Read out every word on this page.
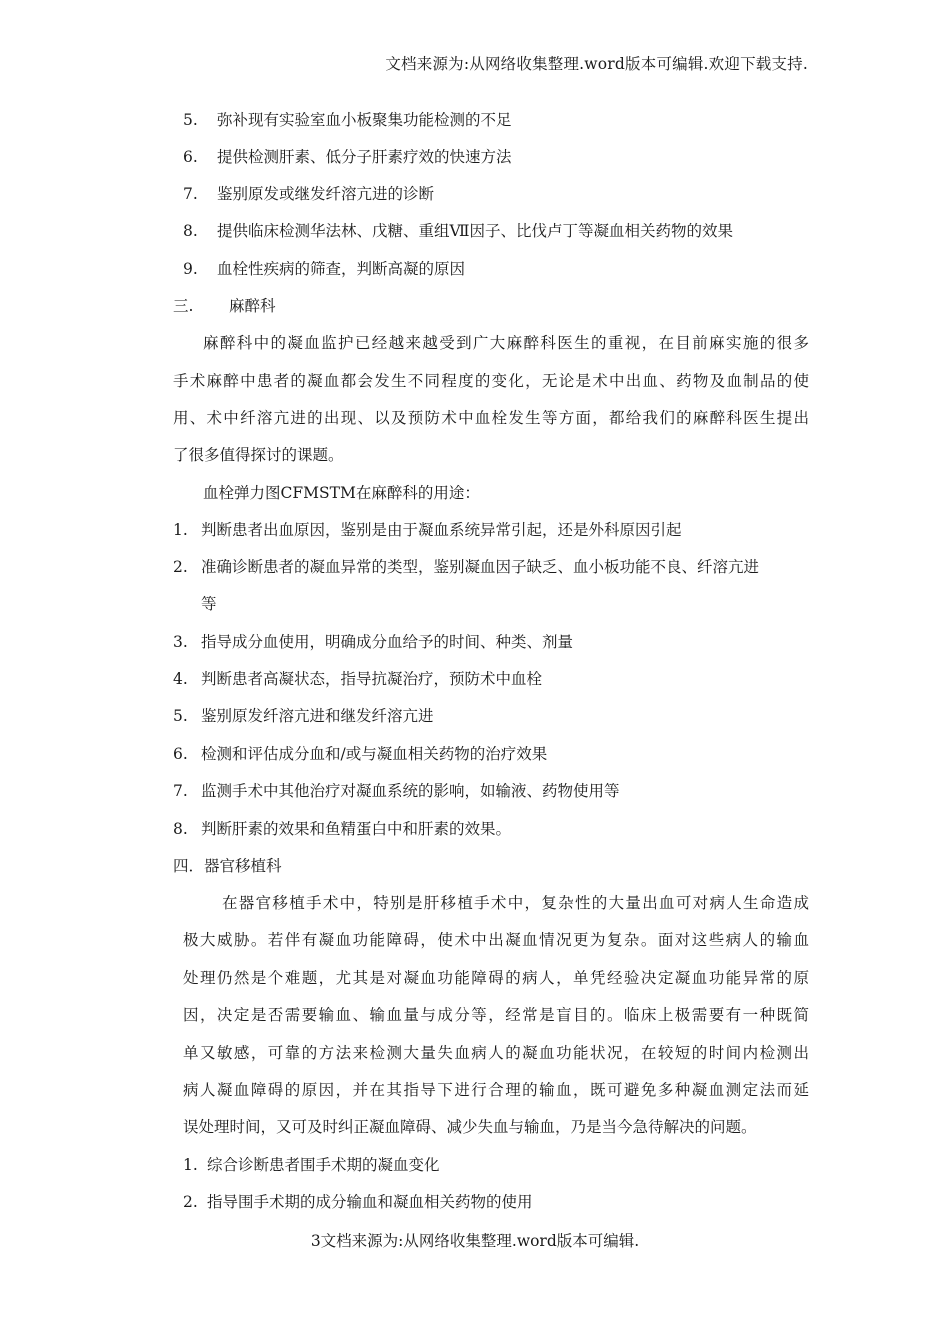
文档来源为:从网络收集整理.word版本可编辑.欢迎下载支持.
5. 弥补现有实验室血小板聚集功能检测的不足
6. 提供检测肝素、低分子肝素疗效的快速方法
7. 鉴别原发或继发纤溶亢进的诊断
8. 提供临床检测华法林、戊糖、重组Ⅶ因子、比伐卢丁等凝血相关药物的效果
9. 血栓性疾病的筛查，判断高凝的原因
三. 麻醉科
麻醉科中的凝血监护已经越来越受到广大麻醉科医生的重视，在目前麻实施的很多
手术麻醉中患者的凝血都会发生不同程度的变化，无论是术中出血、药物及血制品的使
用、术中纤溶亢进的出现、以及预防术中血栓发生等方面，都给我们的麻醉科医生提出
了很多值得探讨的课题。
血栓弹力图CFMSTM在麻醉科的用途：
1. 判断患者出血原因，鉴别是由于凝血系统异常引起，还是外科原因引起
2. 准确诊断患者的凝血异常的类型，鉴别凝血因子缺乏、血小板功能不良、纤溶亢进
等
3. 指导成分血使用，明确成分血给予的时间、种类、剂量
4. 判断患者高凝状态，指导抗凝治疗，预防术中血栓
5. 鉴别原发纤溶亢进和继发纤溶亢进
6. 检测和评估成分血和/或与凝血相关药物的治疗效果
7. 监测手术中其他治疗对凝血系统的影响，如输液、药物使用等
8. 判断肝素的效果和鱼精蛋白中和肝素的效果。
四．器官移植科
在器官移植手术中，特别是肝移植手术中，复杂性的大量出血可对病人生命造成
极大威胁。若伴有凝血功能障碍，使术中出凝血情况更为复杂。面对这些病人的输血
处理仍然是个难题，尤其是对凝血功能障碍的病人，单凭经验决定凝血功能异常的原
因，决定是否需要输血、输血量与成分等，经常是盲目的。临床上极需要有一种既简
单又敏感，可靠的方法来检测大量失血病人的凝血功能状况，在较短的时间内检测出
病人凝血障碍的原因，并在其指导下进行合理的输血，既可避免多种凝血测定法而延
误处理时间，又可及时纠正凝血障碍、减少失血与输血，乃是当今急待解决的问题。
1. 综合诊断患者围手术期的凝血变化
2. 指导围手术期的成分输血和凝血相关药物的使用
3文档来源为:从网络收集整理.word版本可编辑.
